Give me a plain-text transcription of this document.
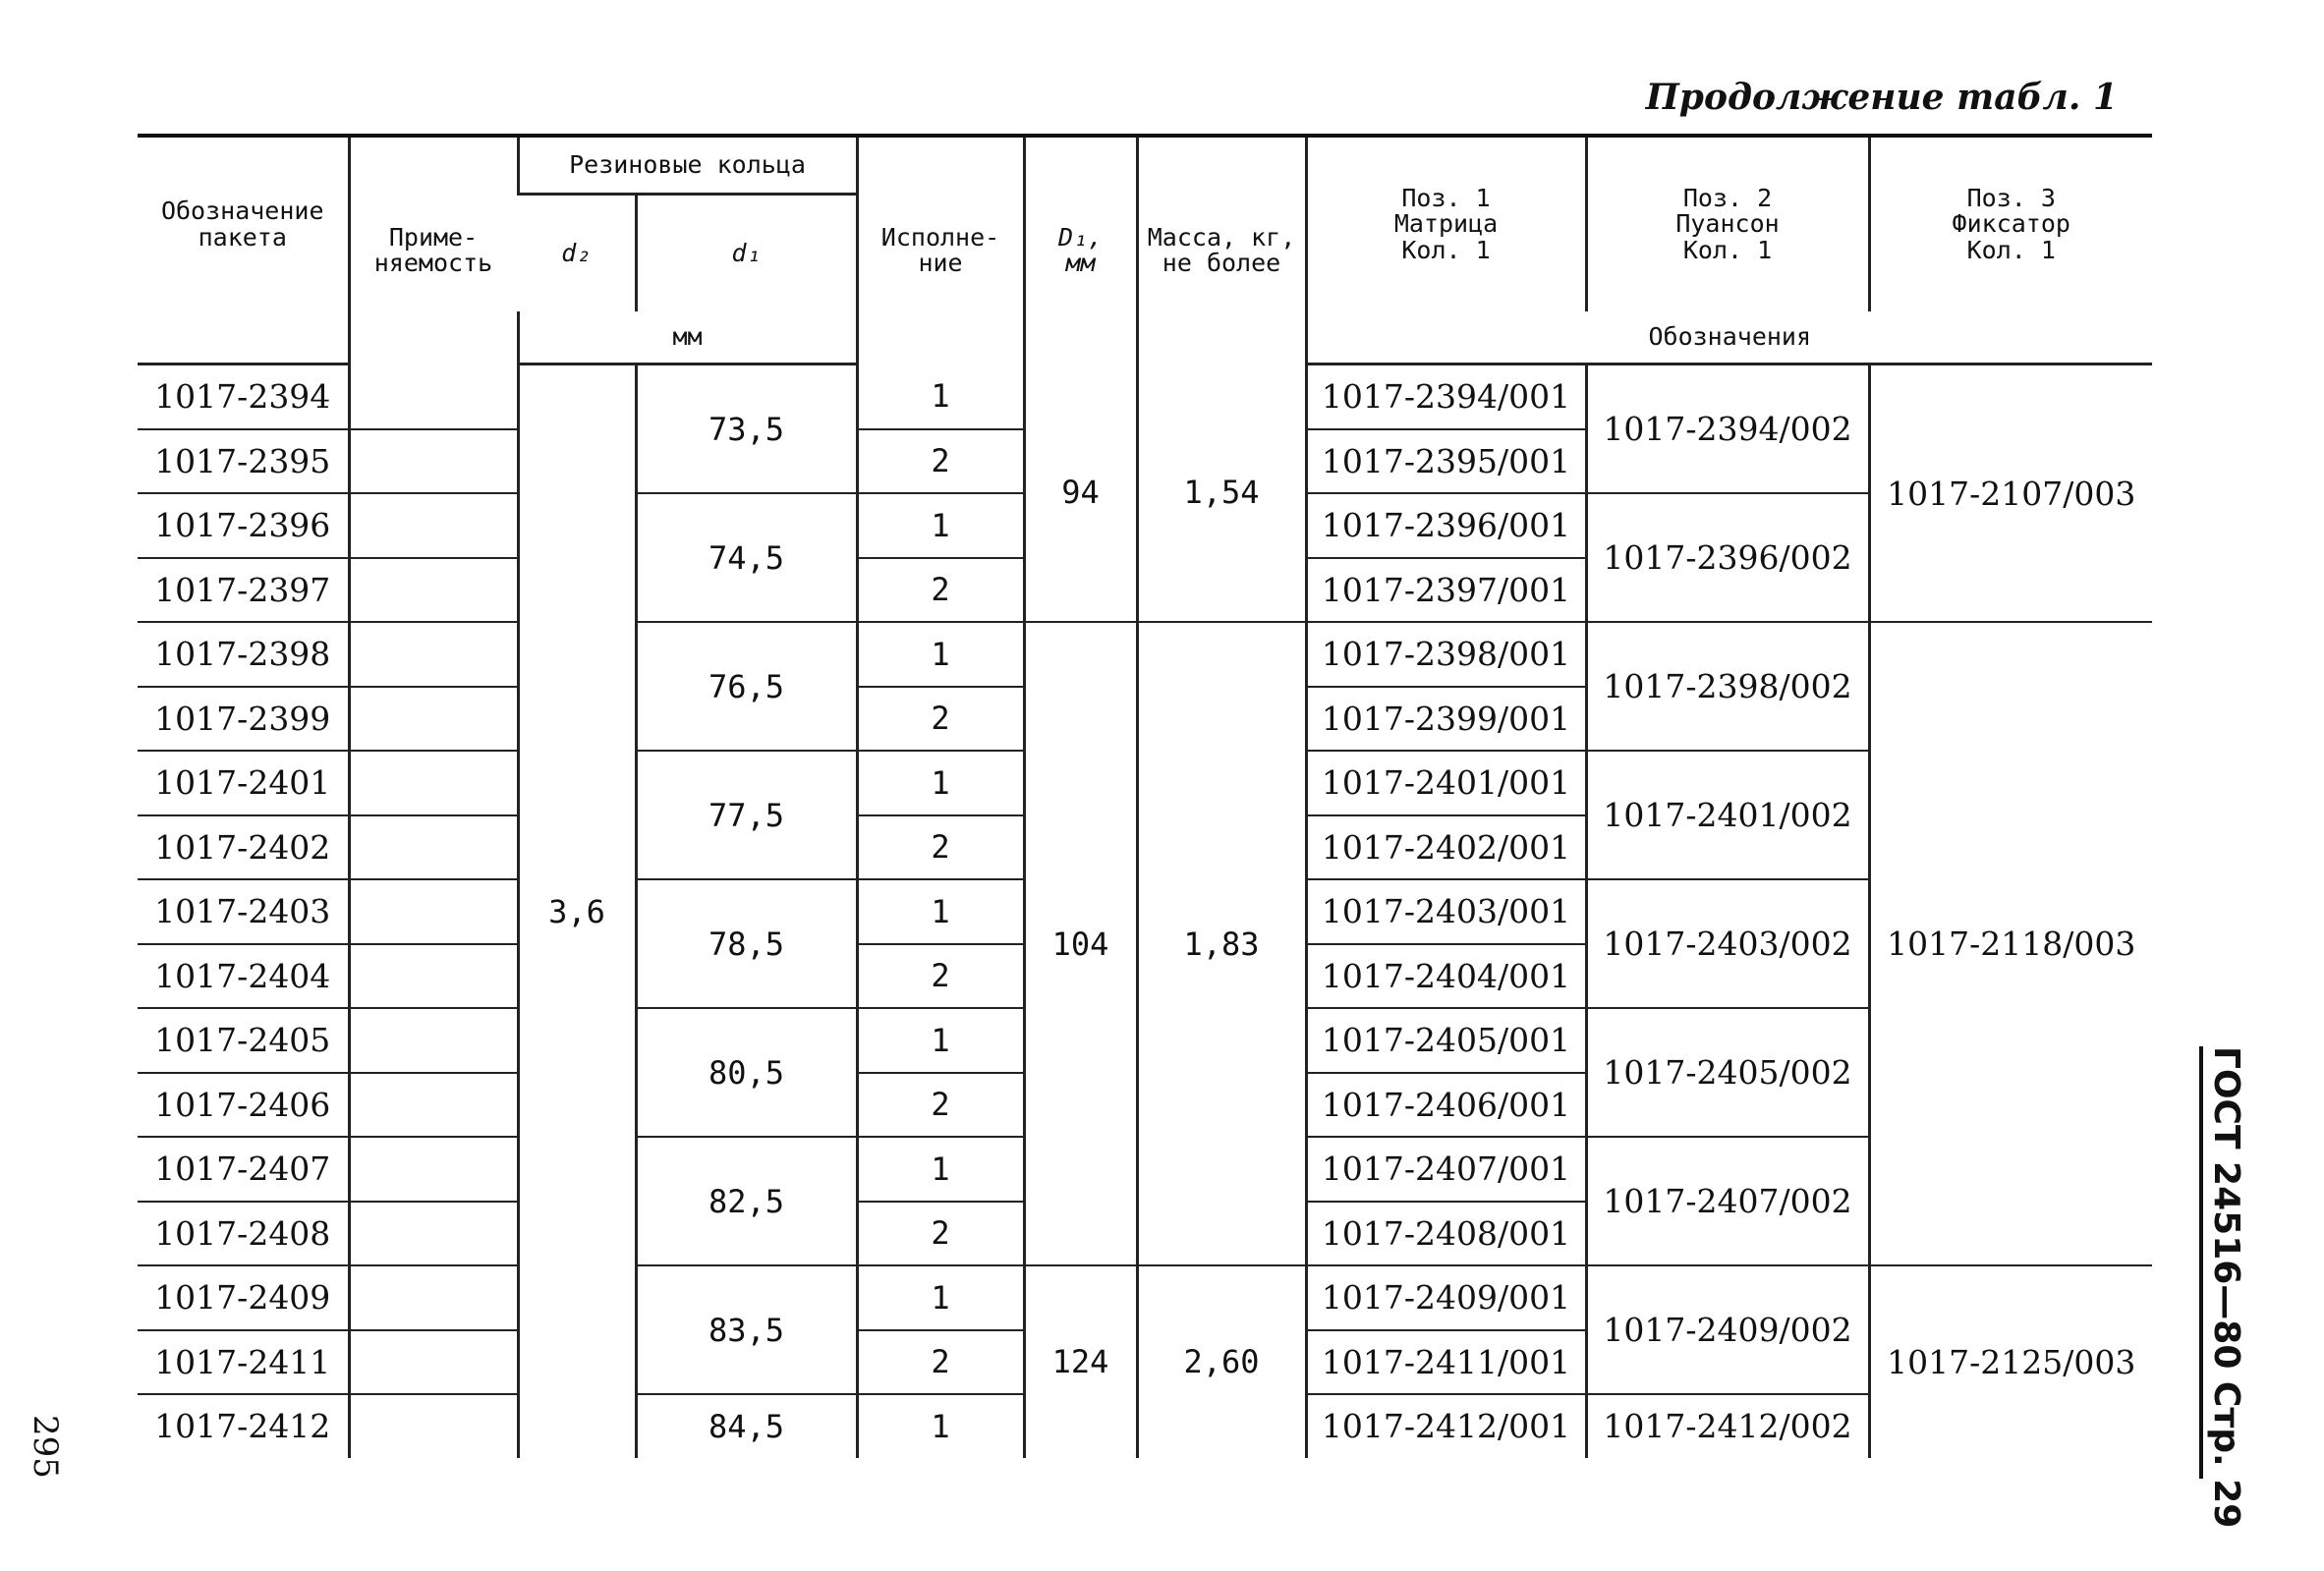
Продолжение табл. 1
ГОСТ 24516—80 Стр. 29
295
Обозначение пакета	Приме-
няемость	Резиновые кольца		Исполне-
ние	D₁,
мм	Масса, кг,
не более	Поз. 1
Матрица
Кол. 1	Поз. 2
Пуансон
Кол. 1	Поз. 3
Фиксатор
Кол. 1
		d₂	d₁						
		мм					Обозначения		
1017-2394		3,6	73,5	1	94	1,54	1017-2394/001	1017-2394/002	1017-2107/003
1017-2395				2			1017-2395/001		
1017-2396			74,5	1			1017-2396/001	1017-2396/002	
1017-2397				2			1017-2397/001		
1017-2398			76,5	1	104	1,83	1017-2398/001	1017-2398/002	1017-2118/003
1017-2399				2			1017-2399/001		
1017-2401			77,5	1			1017-2401/001	1017-2401/002	
1017-2402				2			1017-2402/001		
1017-2403			78,5	1			1017-2403/001	1017-2403/002	
1017-2404				2			1017-2404/001		
1017-2405			80,5	1			1017-2405/001	1017-2405/002	
1017-2406				2			1017-2406/001		
1017-2407			82,5	1			1017-2407/001	1017-2407/002	
1017-2408				2			1017-2408/001		
1017-2409			83,5	1	124	2,60	1017-2409/001	1017-2409/002	1017-2125/003
1017-2411				2			1017-2411/001		
1017-2412			84,5	1			1017-2412/001	1017-2412/002	
